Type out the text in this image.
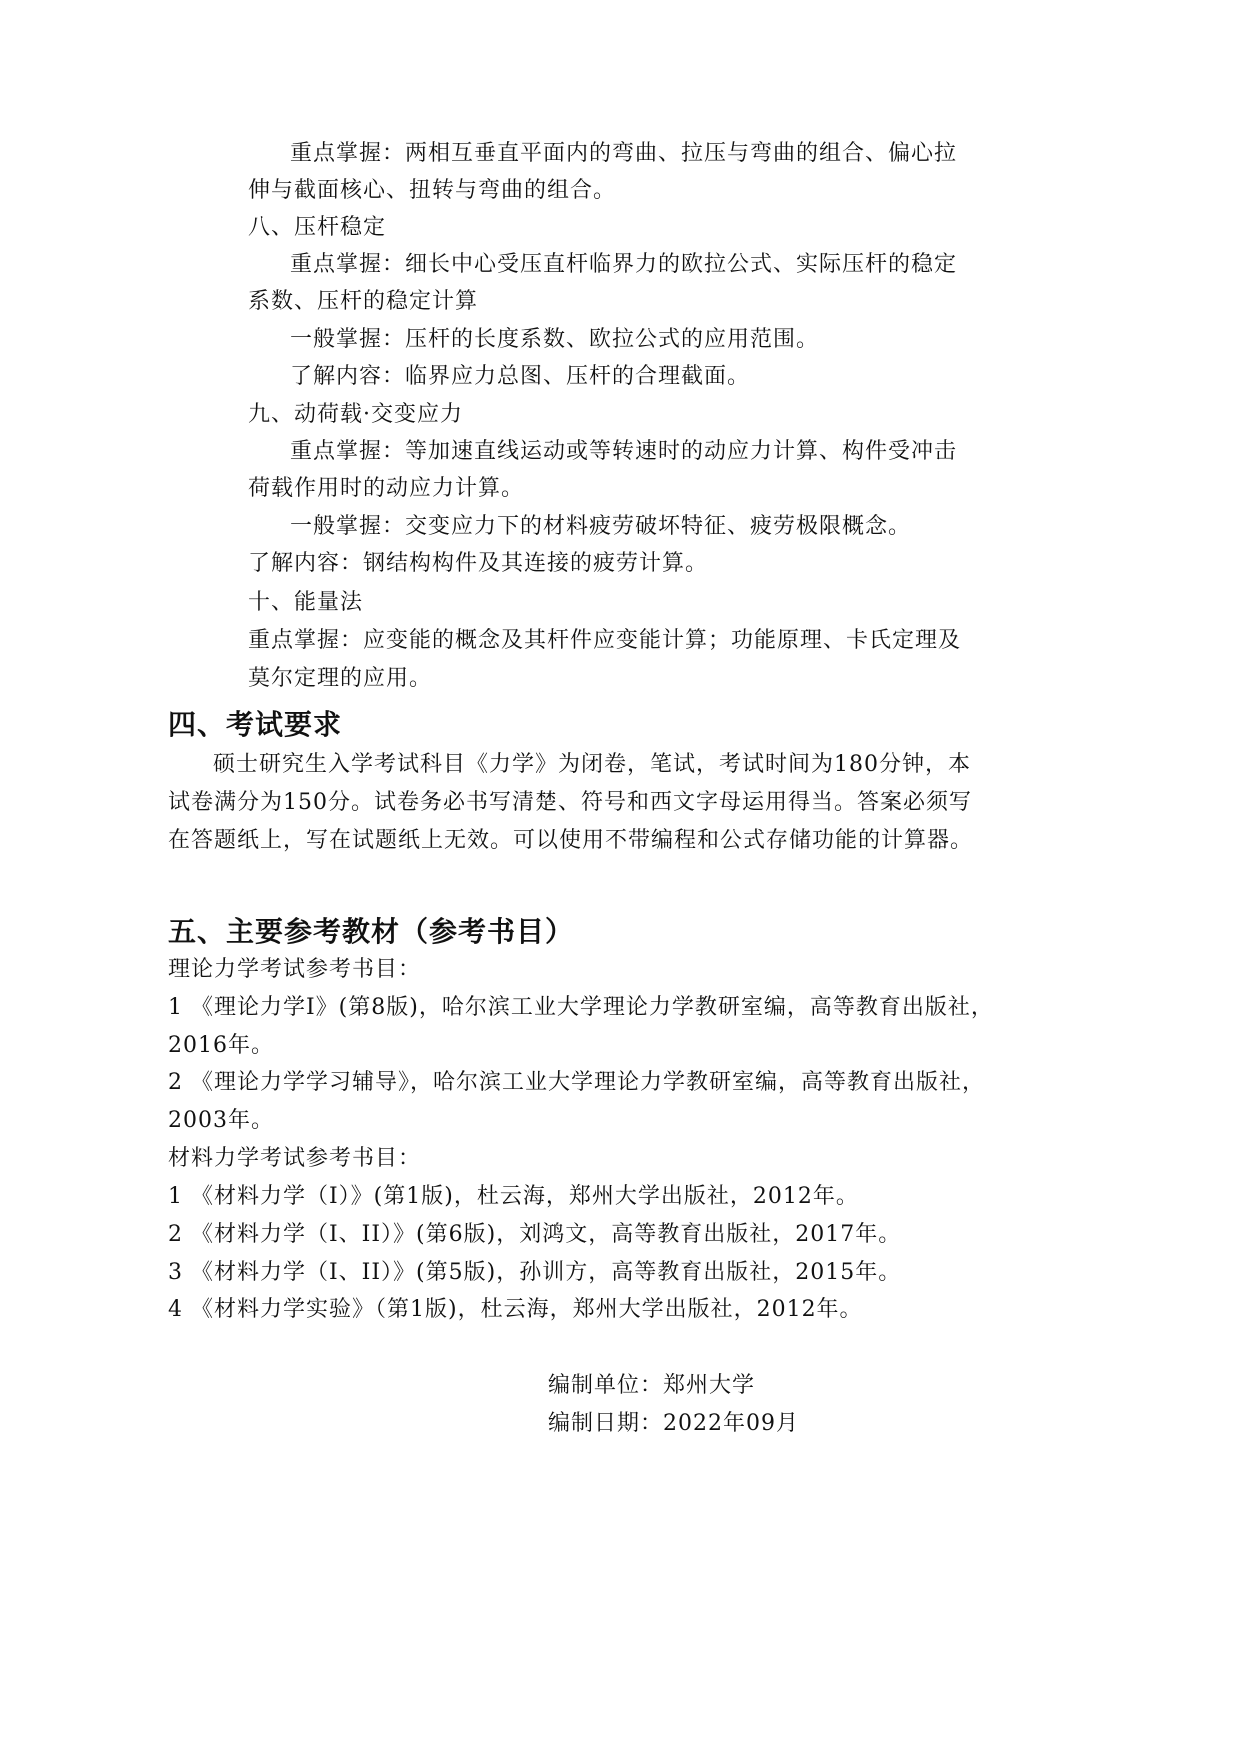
重点掌握：两相互垂直平面内的弯曲、拉压与弯曲的组合、偏心拉
伸与截面核心、扭转与弯曲的组合。
八、压杆稳定
重点掌握：细长中心受压直杆临界力的欧拉公式、实际压杆的稳定
系数、压杆的稳定计算
一般掌握：压杆的长度系数、欧拉公式的应用范围。
了解内容：临界应力总图、压杆的合理截面。
九、动荷载·交变应力
重点掌握：等加速直线运动或等转速时的动应力计算、构件受冲击
荷载作用时的动应力计算。
一般掌握：交变应力下的材料疲劳破坏特征、疲劳极限概念。
了解内容：钢结构构件及其连接的疲劳计算。
十、能量法
重点掌握：应变能的概念及其杆件应变能计算；功能原理、卡氏定理及
莫尔定理的应用。
四、考试要求
硕士研究生入学考试科目《力学》为闭卷，笔试，考试时间为180分钟，本
试卷满分为150分。试卷务必书写清楚、符号和西文字母运用得当。答案必须写
在答题纸上，写在试题纸上无效。可以使用不带编程和公式存储功能的计算器。
五、主要参考教材（参考书目）
理论力学考试参考书目：
1 《理论力学I》(第8版)，哈尔滨工业大学理论力学教研室编，高等教育出版社，
2016年。
2 《理论力学学习辅导》，哈尔滨工业大学理论力学教研室编，高等教育出版社，
2003年。
材料力学考试参考书目：
1 《材料力学（Ⅰ）》(第1版)，杜云海，郑州大学出版社，2012年。
2 《材料力学（Ⅰ、II）》(第6版)，刘鸿文，高等教育出版社，2017年。
3 《材料力学（Ⅰ、II）》(第5版)，孙训方，高等教育出版社，2015年。
4 《材料力学实验》（第1版)，杜云海，郑州大学出版社，2012年。
编制单位：郑州大学
编制日期：2022年09月
